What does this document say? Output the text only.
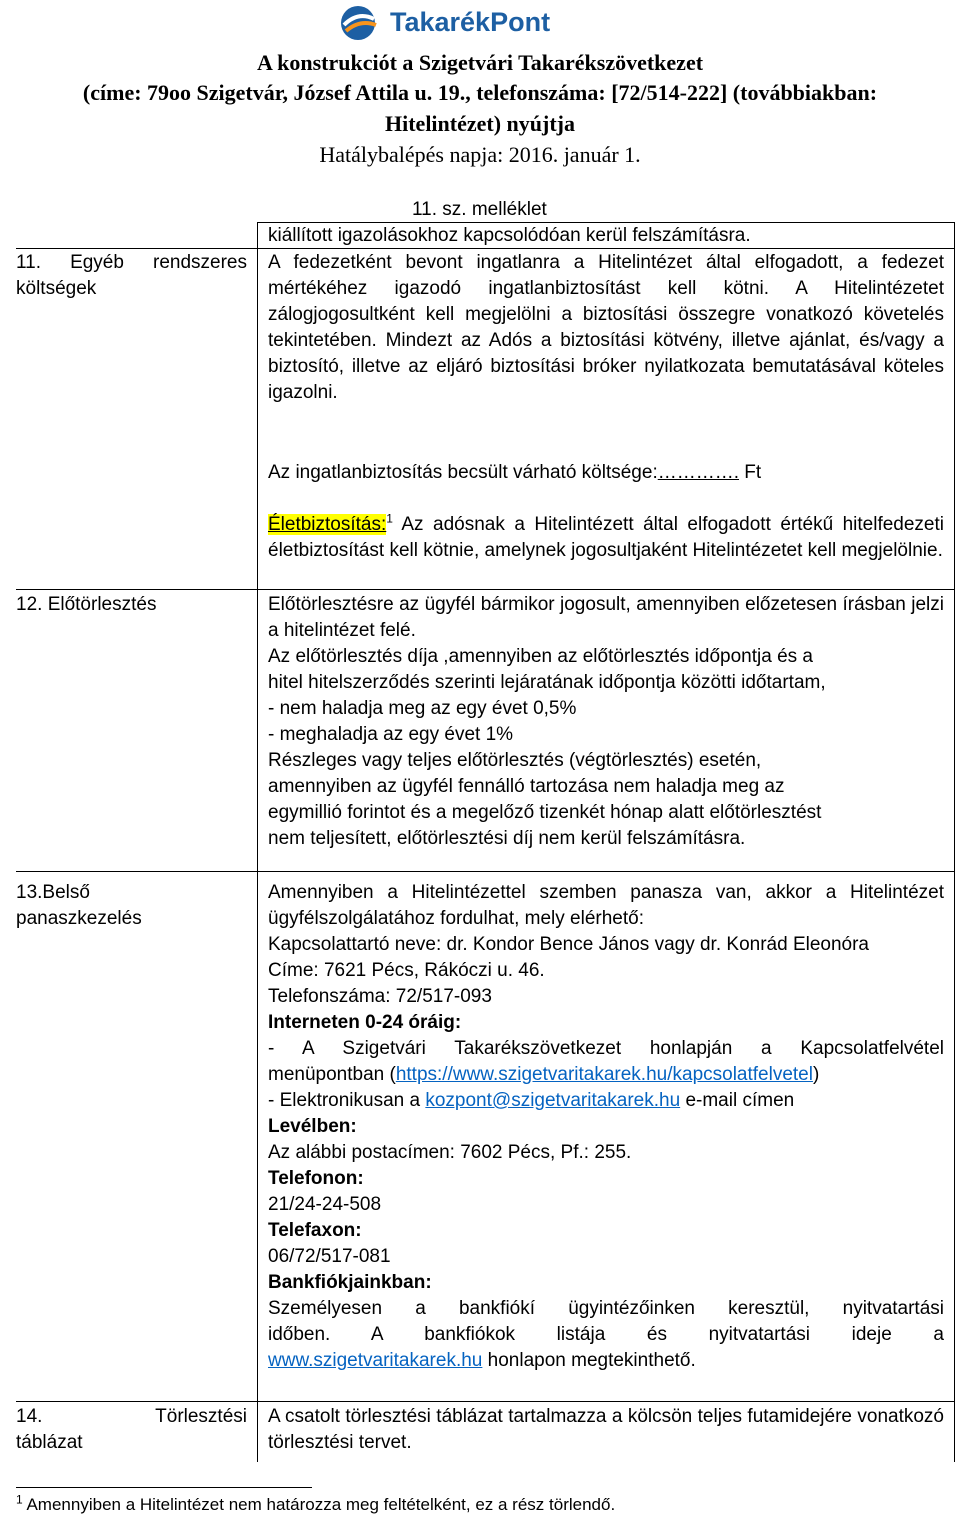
TakarékPont
A konstrukciót a Szigetvári Takarékszövetkezet
(címe: 79oo Szigetvár, József Attila u. 19., telefonszáma: [72/514-222] (továbbiakban:
Hitelintézet) nyújtja
Hatálybalépés napja: 2016. január 1.
11. sz. melléklet
kiállított igazolásokhoz kapcsolódóan kerül felszámításra.
11. Egyéb rendszeres
költségek
A fedezetként bevont ingatlanra a Hitelintézet által elfogadott, a fedezet mértékéhez igazodó ingatlanbiztosítást kell kötni. A Hitelintézetet zálogjogosultként kell megjelölni a biztosítási összegre vonatkozó követelés tekintetében. Mindezt az Adós a biztosítási kötvény, illetve ajánlat, és/vagy a biztosító, illetve az eljáró biztosítási bróker nyilatkozata bemutatásával köteles igazolni.
Az ingatlanbiztosítás becsült várható költsége:…………. Ft
Életbiztosítás:$^1$ Az adósnak a Hitelintézett által elfogadott értékű hitelfedezeti életbiztosítást kell kötnie, amelynek jogosultjaként Hitelintézetet kell megjelölnie.
12. Előtörlesztés	Előtörlesztésre az ügyfél bármikor jogosult, amennyiben előzetesen írásban jelzi a hitelintézet felé.
Az előtörlesztés díja ,amennyiben az előtörlesztés időpontja és a
hitel hitelszerződés szerinti lejáratának időpontja közötti időtartam,
- nem haladja meg az egy évet 0,5%
- meghaladja az egy évet 1%
Részleges vagy teljes előtörlesztés (végtörlesztés) esetén,
amennyiben az ügyfél fennálló tartozása nem haladja meg az
egymillió forintot és a megelőző tizenkét hónap alatt előtörlesztést
nem teljesített, előtörlesztési díj nem kerül felszámításra.
13.Belső
panaszkezelés
Amennyiben a Hitelintézettel szemben panasza van, akkor a Hitelintézet ügyfélszolgálatához fordulhat, mely elérhető:
Kapcsolattartó neve: dr. Kondor Bence János vagy dr. Konrád Eleonóra
Címe: 7621 Pécs, Rákóczi u. 46.
Telefonszáma: 72/517-093
Interneten 0-24 óráig:
- A Szigetvári Takarékszövetkezet honlapján a Kapcsolatfelvétel
menüpontban (https://www.szigetvaritakarek.hu/kapcsolatfelvetel)
- Elektronikusan a kozpont@szigetvaritakarek.hu e-mail címen
Levélben:
Az alábbi postacímen: 7602 Pécs, Pf.: 255.
Telefonon:
21/24-24-508
Telefaxon:
06/72/517-081
Bankfiókjainkban:
Személyesen a bankfiókí ügyintézőinken keresztül, nyitvatartási
időben. A bankfiókok listája és nyitvatartási ideje a
www.szigetvaritakarek.hu honlapon megtekinthető.
14.	Törlesztési
táblázat
A csatolt törlesztési táblázat tartalmazza a kölcsön teljes futamidejére vonatkozó törlesztési tervet.
$^1$ Amennyiben a Hitelintézet nem határozza meg feltételként, ez a rész törlendő.
